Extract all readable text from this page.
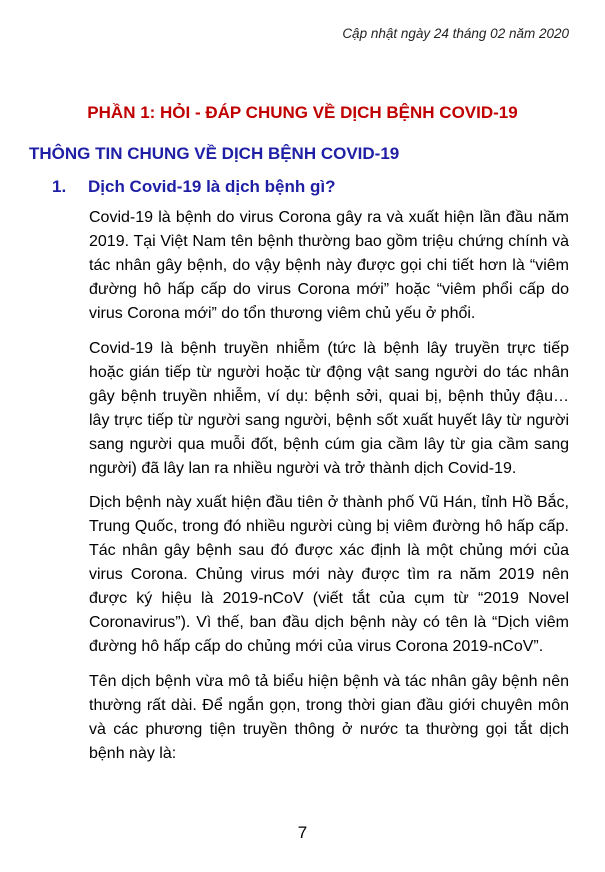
Cập nhật ngày 24 tháng 02 năm 2020
PHẦN 1: HỎI - ĐÁP CHUNG VỀ DỊCH BỆNH COVID-19
THÔNG TIN CHUNG VỀ DỊCH BỆNH COVID-19
1. Dịch Covid-19 là dịch bệnh gì?

Covid-19 là bệnh do virus Corona gây ra và xuất hiện lần đầu năm 2019. Tại Việt Nam tên bệnh thường bao gồm triệu chứng chính và tác nhân gây bệnh, do vậy bệnh này được gọi chi tiết hơn là “viêm đường hô hấp cấp do virus Corona mới” hoặc “viêm phổi cấp do virus Corona mới” do tổn thương viêm chủ yếu ở phổi.

Covid-19 là bệnh truyền nhiễm (tức là bệnh lây truyền trực tiếp hoặc gián tiếp từ người hoặc từ động vật sang người do tác nhân gây bệnh truyền nhiễm, ví dụ: bệnh sởi, quai bị, bệnh thủy đậu… lây trực tiếp từ người sang người, bệnh sốt xuất huyết lây từ người sang người qua muỗi đốt, bệnh cúm gia cầm lây từ gia cầm sang người) đã lây lan ra nhiều người và trở thành dịch Covid-19.

Dịch bệnh này xuất hiện đầu tiên ở thành phố Vũ Hán, tỉnh Hồ Bắc, Trung Quốc, trong đó nhiều người cùng bị viêm đường hô hấp cấp. Tác nhân gây bệnh sau đó được xác định là một chủng mới của virus Corona. Chủng virus mới này được tìm ra năm 2019 nên được ký hiệu là 2019-nCoV (viết tắt của cụm từ “2019 Novel Coronavirus”). Vì thế, ban đầu dịch bệnh này có tên là “Dịch viêm đường hô hấp cấp do chủng mới của virus Corona 2019-nCoV”.

Tên dịch bệnh vừa mô tả biểu hiện bệnh và tác nhân gây bệnh nên thường rất dài. Để ngắn gọn, trong thời gian đầu giới chuyên môn và các phương tiện truyền thông ở nước ta thường gọi tắt dịch bệnh này là:

7
